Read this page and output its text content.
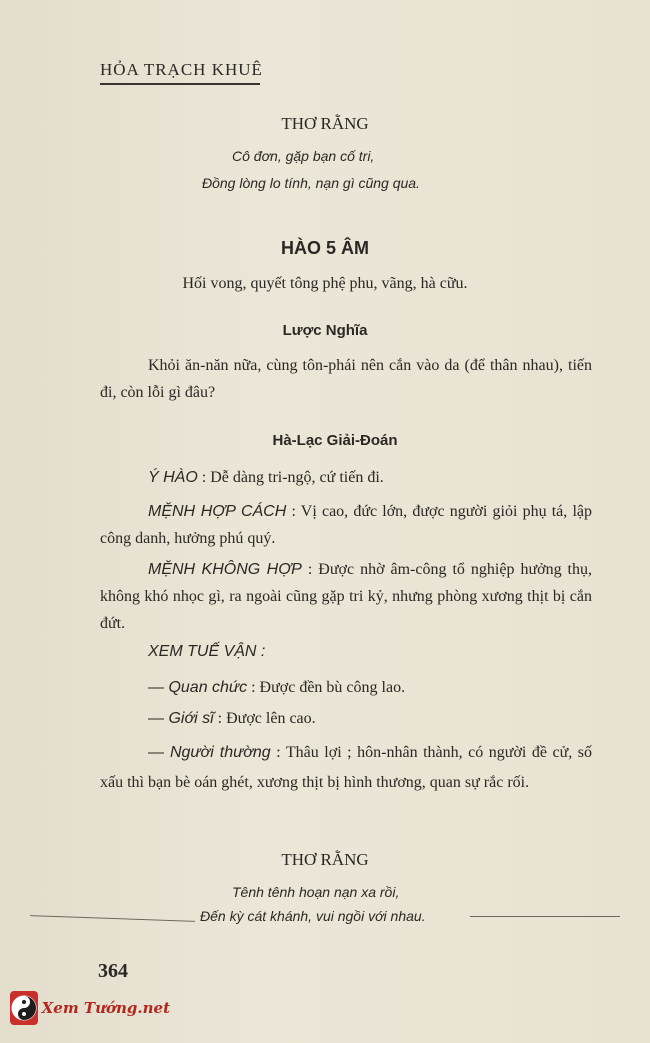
HỎA TRẠCH KHUÊ
THƠ RẰNG
Cô đơn, gặp bạn cố tri,
Đồng lòng lo tính, nạn gì cũng qua.
HÀO 5 ÂM
Hối vong, quyết tông phệ phu, vãng, hà cữu.
Lược Nghĩa
Khỏi ăn-năn nữa, cùng tôn-phái nên cắn vào da (để thân nhau), tiến đi, còn lỗi gì đâu?
Hà-Lạc Giải-Đoán
Ý HÀO : Dễ dàng tri-ngộ, cứ tiến đi.
MỆNH HỢP CÁCH : Vị cao, đức lớn, được người giỏi phụ tá, lập công danh, hưởng phú quý.
MỆNH KHÔNG HỢP : Được nhờ âm-công tổ nghiệp hưởng thụ, không khó nhọc gì, ra ngoài cũng gặp tri kỷ, nhưng phòng xương thịt bị cắn đứt.
XEM TUẾ VẬN :
— Quan chức : Được đền bù công lao.
— Giới sĩ : Được lên cao.
— Người thường : Thâu lợi ; hôn-nhân thành, có người đề cử, số xấu thì bạn bè oán ghét, xương thịt bị hình thương, quan sự rắc rối.
THƠ RẰNG
Tênh tênh hoạn nạn xa rồi,
Đến kỳ cát khánh, vui ngồi với nhau.
364
Xem Tướng.net
